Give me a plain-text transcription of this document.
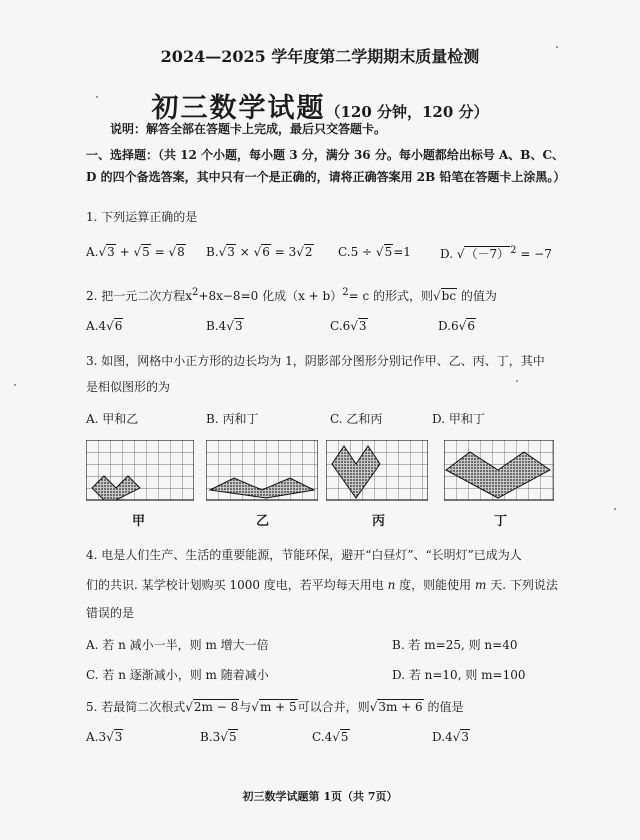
2024—2025 学年度第二学期期末质量检测
初三数学试题（120 分钟，120 分）
说明：解答全部在答题卡上完成，最后只交答题卡。
一、选择题：（共 12 个小题，每小题 3 分，满分 36 分。每小题都给出标号 A、B、C、
D 的四个备选答案，其中只有一个是正确的，请将正确答案用 2B 铅笔在答题卡上涂黑。）
1. 下列运算正确的是
A.√3 + √5 = √8 B.√3 × √6 = 3√2 C.5 ÷ √5=1 D. $√(-7)^2 = -7$
2. 把一元二次方程$x^2+8x-8=0$ 化成$(x + b)^2= c$ 的形式，则√bc 的值为
A.4√6	B.4√3	C.6√3	D.6√6
3. 如图，网格中小正方形的边长均为 1，阴影部分图形分别记作甲、乙、丙、丁，其中
是相似图形的为
A. 甲和乙	B. 丙和丁	C. 乙和丙	D. 甲和丁
甲	乙	丙	丁
4. 电是人们生产、生活的重要能源，节能环保，避开“白昼灯”、“长明灯”已成为人
们的共识. 某学校计划购买 1000 度电，若平均每天用电 n 度，则能使用 m 天. 下列说法
错误的是
A. 若 n 减小一半，则 m 增大一倍	B. 若 m=25, 则 n=40
C. 若 n 逐渐减小，则 m 随着减小	D. 若 n=10, 则 m=100
5. 若最简二次根式√2m − 8与√m + 5可以合并，则√3m + 6 的值是
A.3√3	B.3√5	C.4√5	D.4√3
初三数学试题第 1页（共 7页）
